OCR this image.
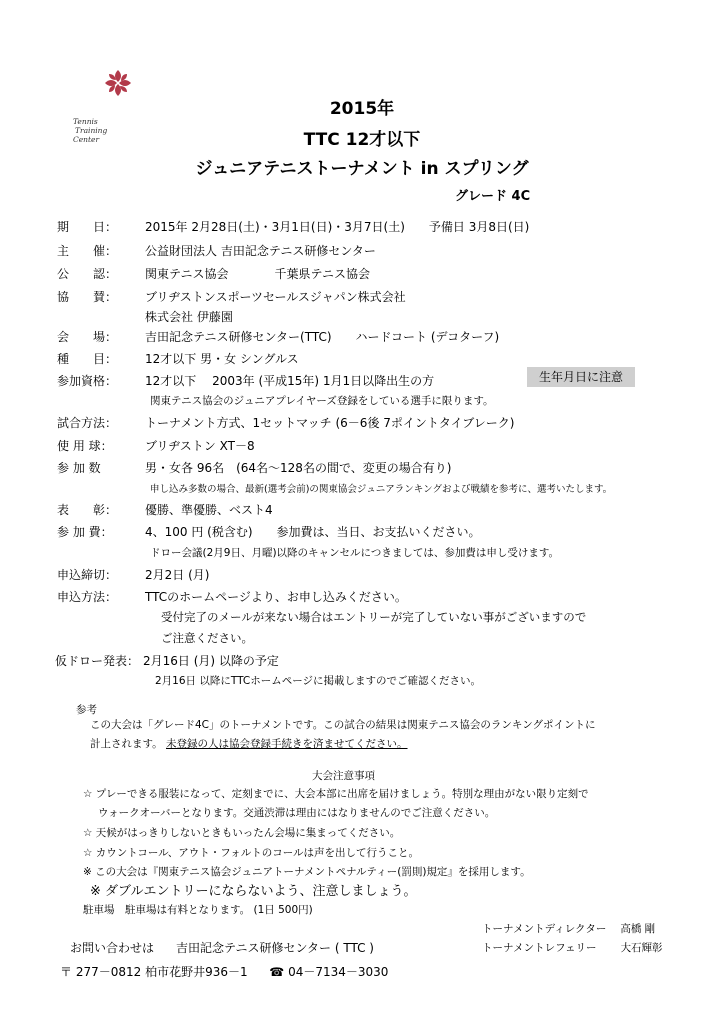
Tennis
Training
Center
2015年
TTC 12才以下
ジュニアテニストーナメント in スプリング
グレード 4C
期　　日： 2015年 2月28日(土)・3月1日(日)・3月7日(土)　　予備日 3月8日(日)
主　　催： 公益財団法人 吉田記念テニス研修センター
公　　認： 関東テニス協会	千葉県テニス協会
協　　賛： ブリヂストンスポーツセールスジャパン株式会社
株式会社 伊藤園
会　　場： 吉田記念テニス研修センター(TTC)　　ハードコート (デコターフ)
種　　目： 12才以下 男・女 シングルス
参加資格： 12才以下　 2003年 (平成15年) 1月1日以降出生の方	生年月日に注意
関東テニス協会のジュニアプレイヤーズ登録をしている選手に限ります。
試合方法： トーナメント方式、1セットマッチ (6－6後 7ポイントタイブレーク)
使 用 球：	ブリヂストン XT－8
参 加 数	男・女各 96名　(64名～128名の間で、変更の場合有り)
申し込み多数の場合、最新(選考会前)の関東協会ジュニアランキングおよび戦績を参考に、選考いたします。
表　　彰： 優勝、準優勝、ベスト4
参 加 費：	4、100 円 (税含む)　　参加費は、当日、お支払いください。
ドロー会議(2月9日、月曜)以降のキャンセルにつきましては、参加費は申し受けます。
申込締切： 2月2日 (月)
申込方法： TTCのホームページより、お申し込みください。
受付完了のメールが来ない場合はエントリーが完了していない事がございますので
ご注意ください。
仮ドロー発表： 2月16日 (月) 以降の予定
2月16日 以降にTTCホームページに掲載しますのでご確認ください。
参考
この大会は「グレード4C」のトーナメントです。この試合の結果は関東テニス協会のランキングポイントに
計上されます。 未登録の人は協会登録手続きを済ませてください。
大会注意事項
☆ プレーできる服装になって、定刻までに、大会本部に出席を届けましょう。特別な理由がない限り定刻で
ウォークオーバーとなります。交通渋滞は理由にはなりませんのでご注意ください。
☆ 天候がはっきりしないときもいったん会場に集まってください。
☆ カウントコール、アウト・フォルトのコールは声を出して行うこと。
※ この大会は『関東テニス協会ジュニアトーナメントペナルティー(罰則)規定』を採用します。
※ ダブルエントリーにならないよう、注意しましょう。
駐車場　駐車場は有料となります。 (1日 500円)
トーナメントディレクター 高橋 剛
トーナメントレフェリー 大石輝彰
お問い合わせは 吉田記念テニス研修センター ( TTC )
〒 277－0812 柏市花野井936－1 ☎ 04－7134－3030
